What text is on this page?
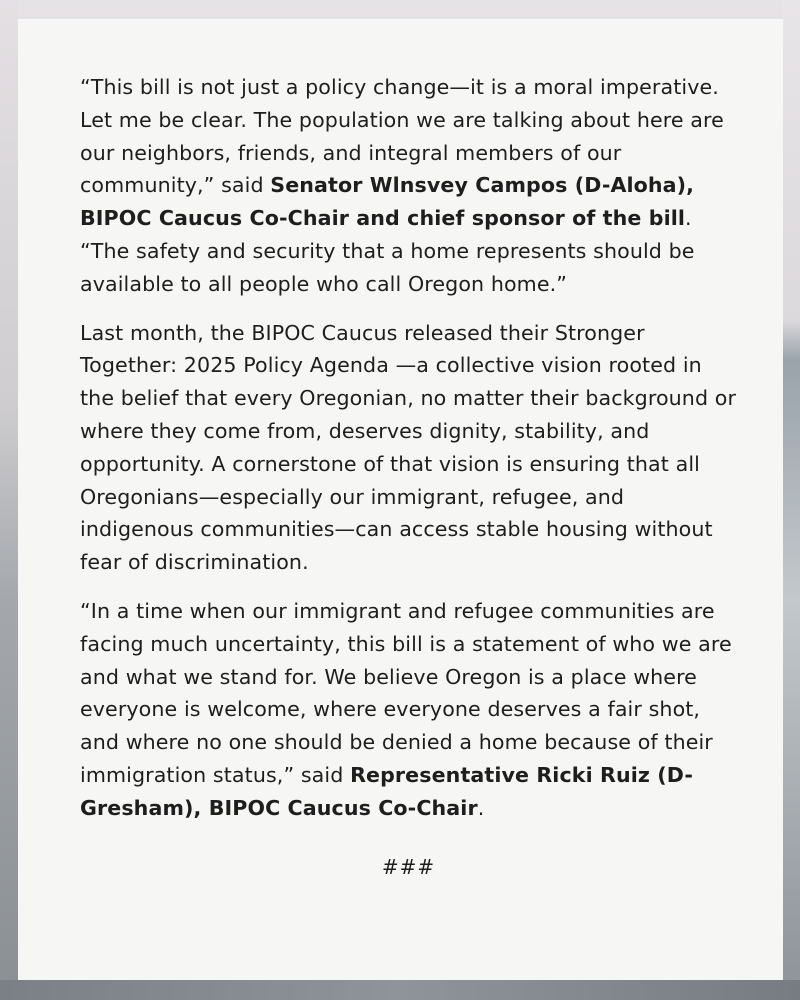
“This bill is not just a policy change—it is a moral imperative. Let me be clear. The population we are talking about here are our neighbors, friends, and integral members of our community,” said Senator Wlnsvey Campos (D-Aloha), BIPOC Caucus Co-Chair and chief sponsor of the bill. “The safety and security that a home represents should be available to all people who call Oregon home.”

Last month, the BIPOC Caucus released their Stronger Together: 2025 Policy Agenda —a collective vision rooted in the belief that every Oregonian, no matter their background or where they come from, deserves dignity, stability, and opportunity. A cornerstone of that vision is ensuring that all Oregonians—especially our immigrant, refugee, and indigenous communities—can access stable housing without fear of discrimination.

“In a time when our immigrant and refugee communities are facing much uncertainty, this bill is a statement of who we are and what we stand for. We believe Oregon is a place where everyone is welcome, where everyone deserves a fair shot, and where no one should be denied a home because of their immigration status,” said Representative Ricki Ruiz (D-Gresham), BIPOC Caucus Co-Chair.

###
